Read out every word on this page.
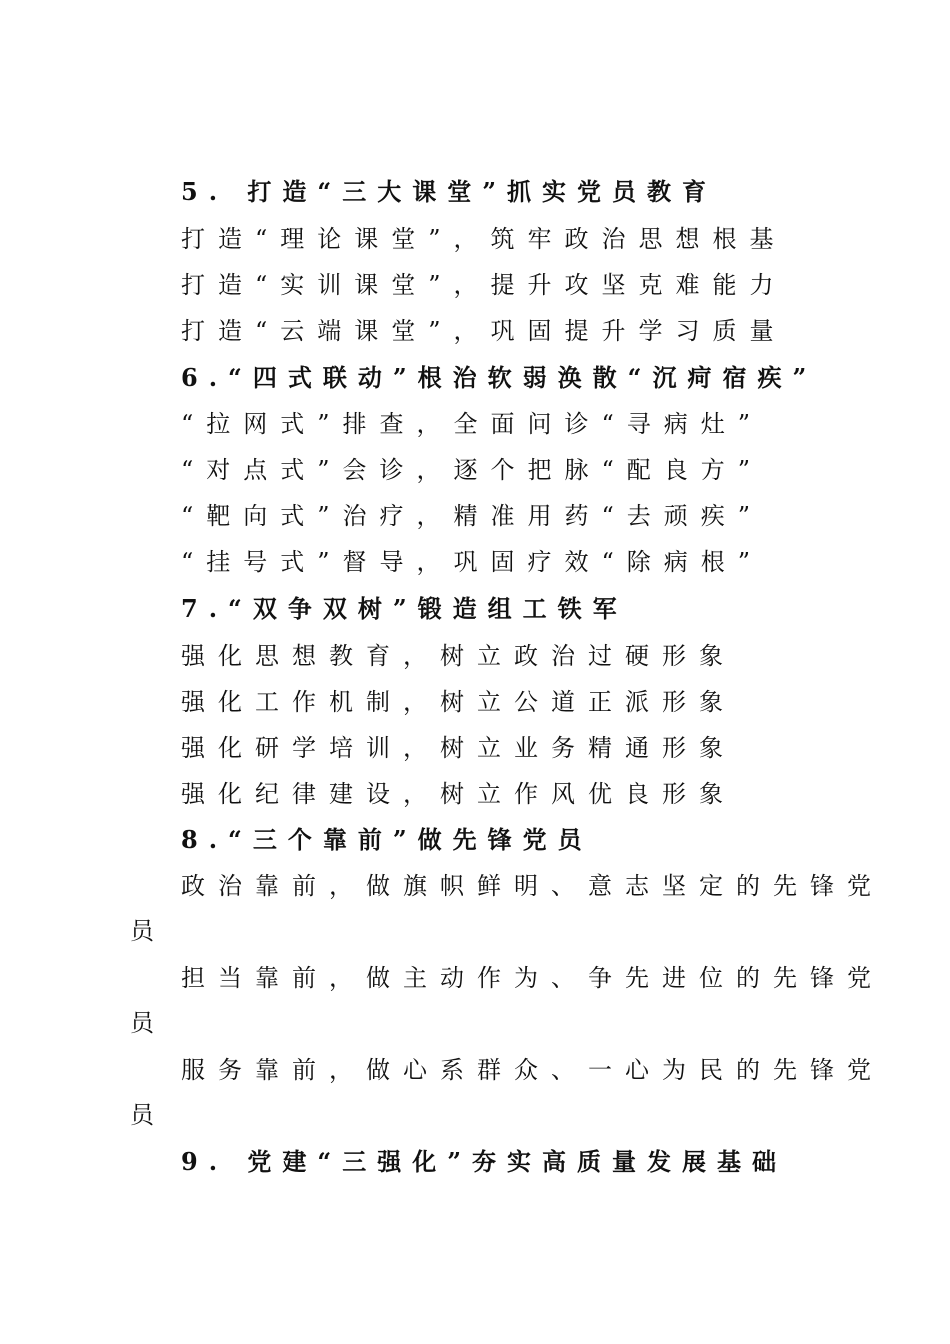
5. 打造“三大课堂”抓实党员教育
打造“理论课堂”，筑牢政治思想根基
打造“实训课堂”，提升攻坚克难能力
打造“云端课堂”，巩固提升学习质量
6.“四式联动”根治软弱涣散“沉疴宿疾”
“拉网式”排查，全面问诊“寻病灶”
“对点式”会诊，逐个把脉“配良方”
“靶向式”治疗，精准用药“去顽疾”
“挂号式”督导，巩固疗效“除病根”
7.“双争双树”锻造组工铁军
强化思想教育，树立政治过硬形象
强化工作机制，树立公道正派形象
强化研学培训，树立业务精通形象
强化纪律建设，树立作风优良形象
8.“三个靠前”做先锋党员
政治靠前，做旗帜鲜明、意志坚定的先锋党
员
担当靠前，做主动作为、争先进位的先锋党
员
服务靠前，做心系群众、一心为民的先锋党
员
9. 党建“三强化”夯实高质量发展基础
